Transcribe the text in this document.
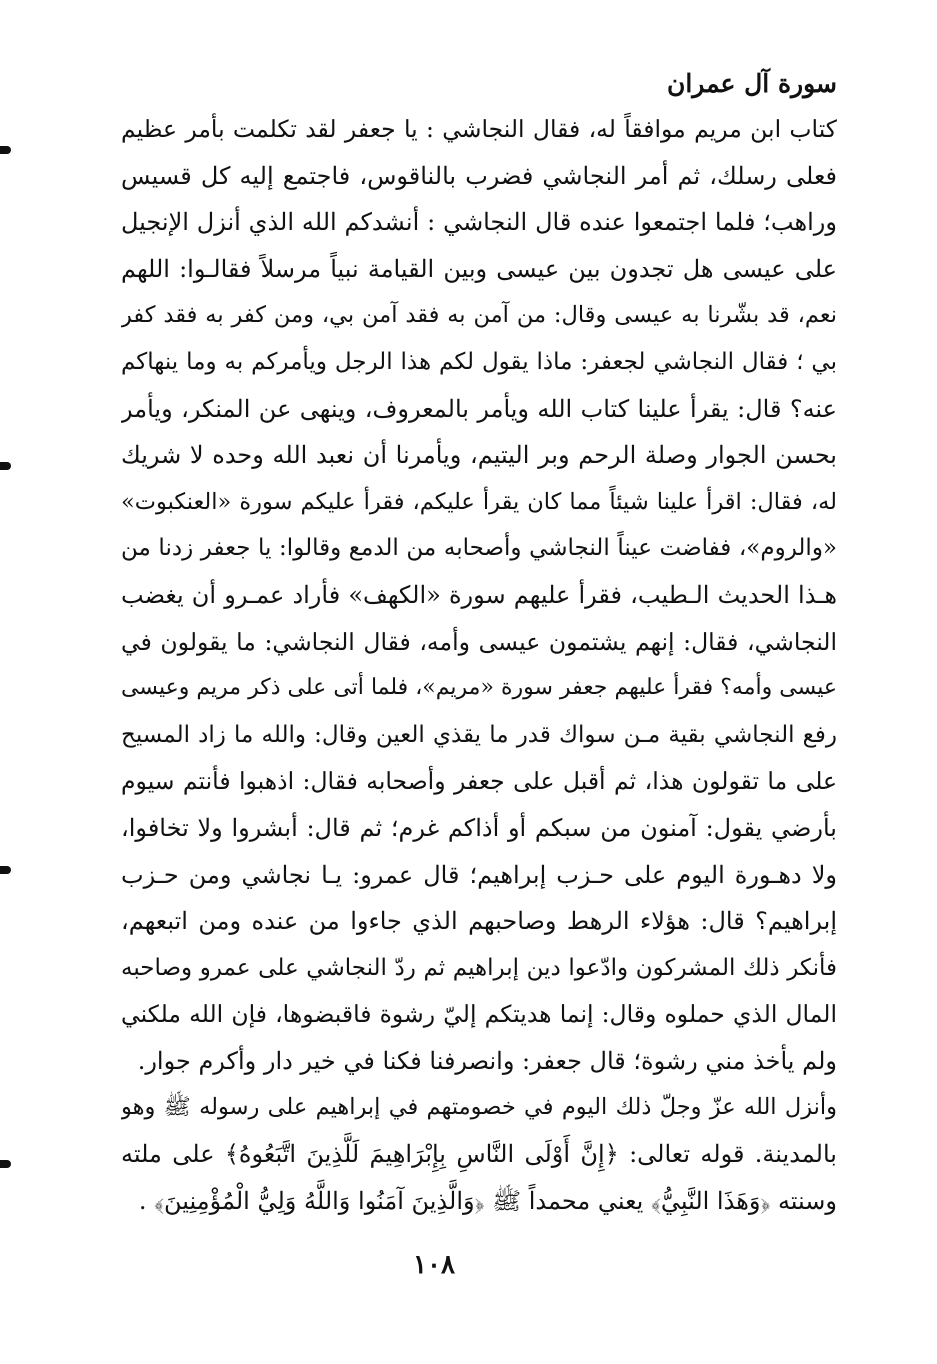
سورة آل عمران
كتاب ابن مريم موافقاً له، فقال النجاشي : يا جعفر لقد تكلمت بأمر عظيم
فعلى رسلك، ثم أمر النجاشي فضرب بالناقوس، فاجتمع إليه كل قسيس
وراهب؛ فلما اجتمعوا عنده قال النجاشي : أنشدكم الله الذي أنزل الإنجيل
على عيسى هل تجدون بين عيسى وبين القيامة نبياً مرسلاً فقالـوا: اللهم
نعم، قد بشّرنا به عيسى وقال: من آمن به فقد آمن بي، ومن كفر به فقد كفر
بي ؛ فقال النجاشي لجعفر: ماذا يقول لكم هذا الرجل ويأمركم به وما ينهاكم
عنه؟ قال: يقرأ علينا كتاب الله ويأمر بالمعروف، وينهى عن المنكر، ويأمر
بحسن الجوار وصلة الرحم وبر اليتيم، ويأمرنا أن نعبد الله وحده لا شريك
له، فقال: اقرأ علينا شيئاً مما كان يقرأ عليكم، فقرأ عليكم سورة «العنكبوت»
«والروم»، ففاضت عيناً النجاشي وأصحابه من الدمع وقالوا: يا جعفر زدنا من
هـذا الحديث الـطيب، فقرأ عليهم سورة «الكهف» فأراد عمـرو أن يغضب
النجاشي، فقال: إنهم يشتمون عيسى وأمه، فقال النجاشي: ما يقولون في
عيسى وأمه؟ فقرأ عليهم جعفر سورة «مريم»، فلما أتى على ذكر مريم وعيسى
رفع النجاشي بقية مـن سواك قدر ما يقذي العين وقال: والله ما زاد المسيح
على ما تقولون هذا، ثم أقبل على جعفر وأصحابه فقال: اذهبوا فأنتم سيوم
بأرضي يقول: آمنون من سبكم أو أذاكم غرم؛ ثم قال: أبشروا ولا تخافوا،
ولا دهـورة اليوم على حـزب إبراهيم؛ قال عمرو: يـا نجاشي ومن حـزب
إبراهيم؟ قال: هؤلاء الرهط وصاحبهم الذي جاءوا من عنده ومن اتبعهم،
فأنكر ذلك المشركون وادّعوا دين إبراهيم ثم ردّ النجاشي على عمرو وصاحبه
المال الذي حملوه وقال: إنما هديتكم إليّ رشوة فاقبضوها، فإن الله ملكني
ولم يأخذ مني رشوة؛ قال جعفر: وانصرفنا فكنا في خير دار وأكرم جوار.
وأنزل الله عزّ وجلّ ذلك اليوم في خصومتهم في إبراهيم على رسوله ﷺ وهو
بالمدينة. قوله تعالى: ﴿إِنَّ أَوْلَى النَّاسِ بِإِبْرَاهِيمَ لَلَّذِينَ اتَّبَعُوهُ﴾ على ملته
وسنته ﴿وَهَذَا النَّبِيُّ﴾ يعني محمداً ﷺ ﴿وَالَّذِينَ آمَنُوا وَاللَّهُ وَلِيُّ الْمُؤْمِنِينَ﴾ .
١٠٨
